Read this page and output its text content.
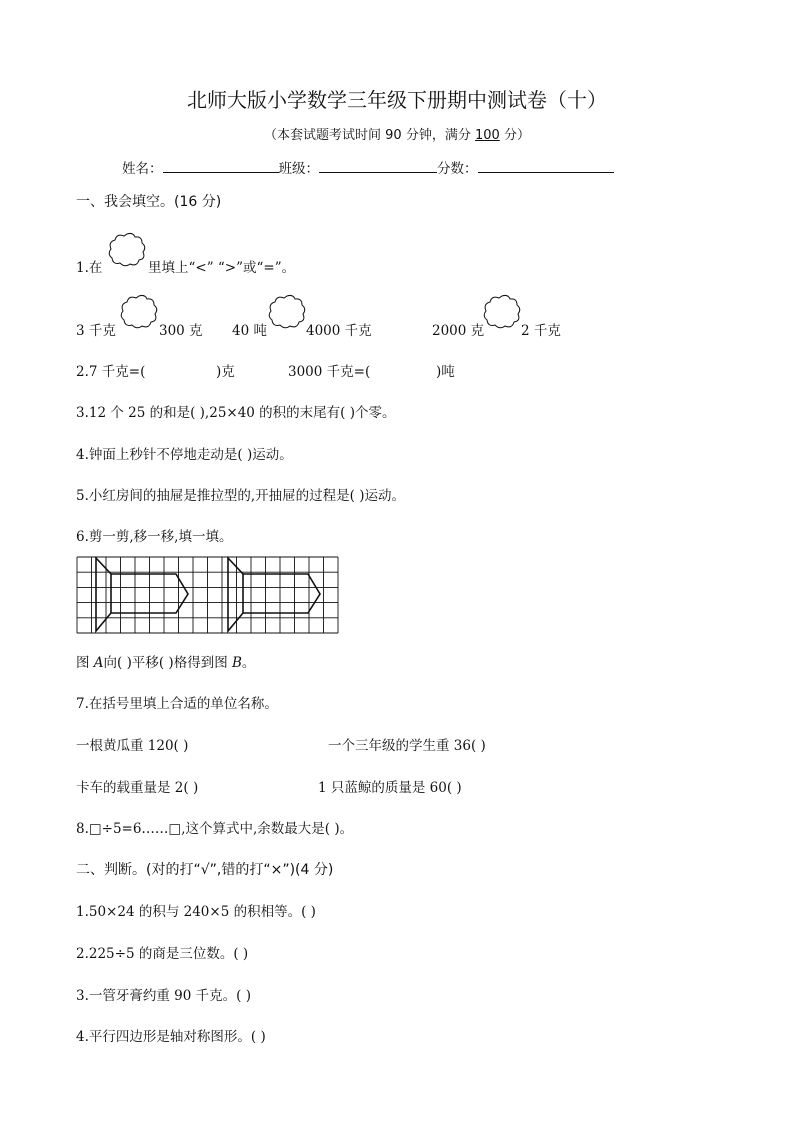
北师大版小学数学三年级下册期中测试卷（十）
（本套试题考试时间 90 分钟，满分 100 分）
姓名：	班级：	分数：
一、我会填空。(16 分)
1.在	里填上“<” “>”或“=”。
3 千克	300 克 40 吨	4000 千克	2000 克	2 千克
2.7 千克=(	)克	3000 千克=(	)吨
3.12 个 25 的和是( ),25×40 的积的末尾有( )个零。
4.钟面上秒针不停地走动是( )运动。
5.小红房间的抽屉是推拉型的,开抽屉的过程是( )运动。
6.剪一剪,移一移,填一填。
图 A向( )平移( )格得到图 B。
7.在括号里填上合适的单位名称。
一根黄瓜重 120( )	一个三年级的学生重 36( )
卡车的载重量是 2( )	1 只蓝鲸的质量是 60( )
8.□÷5=6……□,这个算式中,余数最大是( )。
二、判断。(对的打“√”,错的打“×”)(4 分)
1.50×24 的积与 240×5 的积相等。( )
2.225÷5 的商是三位数。( )
3.一管牙膏约重 90 千克。( )
4.平行四边形是轴对称图形。( )
